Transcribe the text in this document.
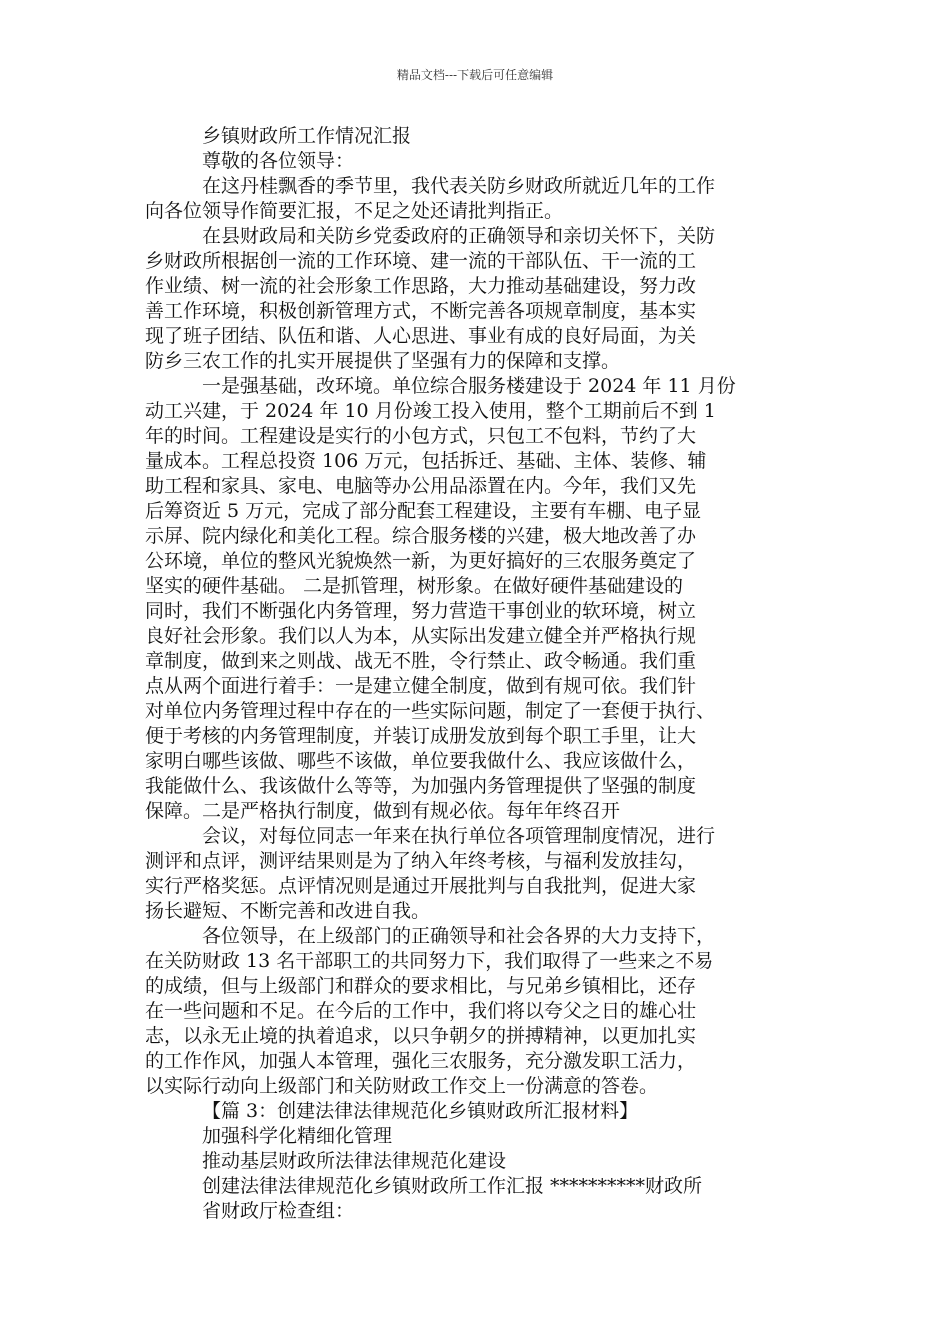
精品文档---下载后可任意编辑
乡镇财政所工作情况汇报
尊敬的各位领导：
在这丹桂飘香的季节里，我代表关防乡财政所就近几年的工作
向各位领导作简要汇报，不足之处还请批判指正。
在县财政局和关防乡党委政府的正确领导和亲切关怀下，关防
乡财政所根据创一流的工作环境、建一流的干部队伍、干一流的工
作业绩、树一流的社会形象工作思路，大力推动基础建设，努力改
善工作环境，积极创新管理方式，不断完善各项规章制度，基本实
现了班子团结、队伍和谐、人心思进、事业有成的良好局面，为关
防乡三农工作的扎实开展提供了坚强有力的保障和支撑。
一是强基础，改环境。单位综合服务楼建设于 2024 年 11 月份
动工兴建，于 2024 年 10 月份竣工投入使用，整个工期前后不到 1
年的时间。工程建设是实行的小包方式，只包工不包料，节约了大
量成本。工程总投资 106 万元，包括拆迁、基础、主体、装修、辅
助工程和家具、家电、电脑等办公用品添置在内。今年，我们又先
后筹资近 5 万元，完成了部分配套工程建设，主要有车棚、电子显
示屏、院内绿化和美化工程。综合服务楼的兴建，极大地改善了办
公环境，单位的整风光貌焕然一新，为更好搞好的三农服务奠定了
坚实的硬件基础。 二是抓管理，树形象。在做好硬件基础建设的
同时，我们不断强化内务管理，努力营造干事创业的软环境，树立
良好社会形象。我们以人为本，从实际出发建立健全并严格执行规
章制度，做到来之则战、战无不胜，令行禁止、政令畅通。我们重
点从两个面进行着手：一是建立健全制度，做到有规可依。我们针
对单位内务管理过程中存在的一些实际问题，制定了一套便于执行、
便于考核的内务管理制度，并装订成册发放到每个职工手里，让大
家明白哪些该做、哪些不该做，单位要我做什么、我应该做什么，
我能做什么、我该做什么等等，为加强内务管理提供了坚强的制度
保障。二是严格执行制度，做到有规必依。每年年终召开
会议，对每位同志一年来在执行单位各项管理制度情况，进行
测评和点评，测评结果则是为了纳入年终考核，与福利发放挂勾，
实行严格奖惩。点评情况则是通过开展批判与自我批判，促进大家
扬长避短、不断完善和改进自我。
各位领导，在上级部门的正确领导和社会各界的大力支持下，
在关防财政 13 名干部职工的共同努力下，我们取得了一些来之不易
的成绩，但与上级部门和群众的要求相比，与兄弟乡镇相比，还存
在一些问题和不足。在今后的工作中，我们将以夸父之日的雄心壮
志，以永无止境的执着追求，以只争朝夕的拼搏精神，以更加扎实
的工作作风，加强人本管理，强化三农服务，充分激发职工活力，
以实际行动向上级部门和关防财政工作交上一份满意的答卷。
【篇 3：创建法律法律规范化乡镇财政所汇报材料】
加强科学化精细化管理
推动基层财政所法律法律规范化建设
创建法律法律规范化乡镇财政所工作汇报 **********财政所
省财政厅检查组：
